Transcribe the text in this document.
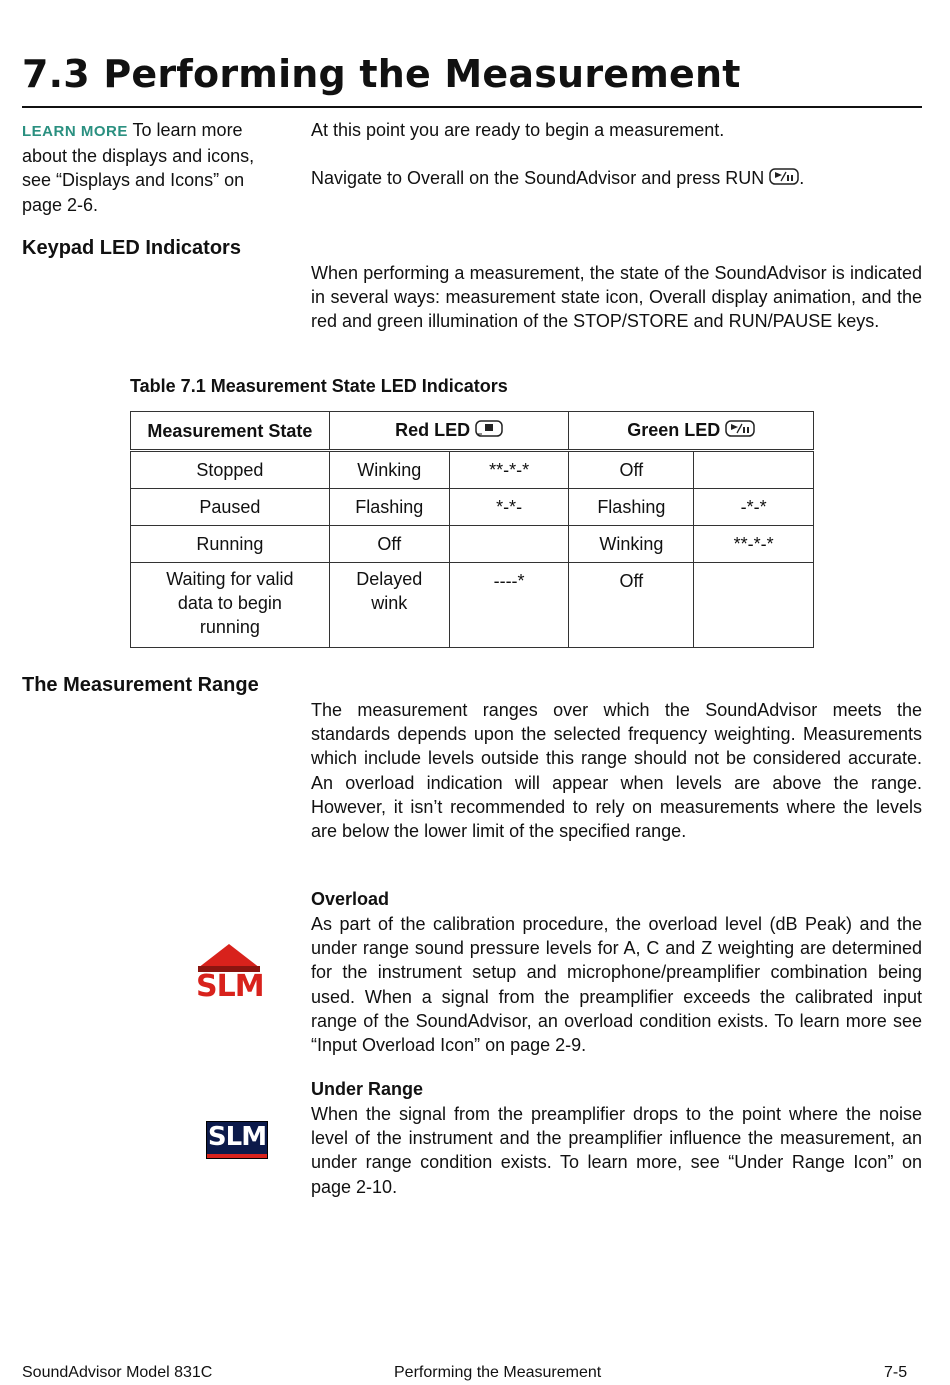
7.3 Performing the Measurement
LEARN MORE To learn more about the displays and icons, see “Displays and Icons” on page 2-6.
At this point you are ready to begin a measurement.
Navigate to Overall on the SoundAdvisor and press RUN .
Keypad LED Indicators
When performing a measurement, the state of the SoundAdvisor is indicated in several ways: measurement state icon, Overall display animation, and the red and green illumination of the STOP/STORE and RUN/PAUSE keys.
Table 7.1 Measurement State LED Indicators
Measurement State	Red LED		Green LED	
Stopped	Winking	**-*-*	Off	
Paused	Flashing	*-*-	Flashing	-*-*
Running	Off		Winking	**-*-*
Waiting for valid data to begin running	Delayed wink	----*	Off	
The Measurement Range
The measurement ranges over which the SoundAdvisor meets the standards depends upon the selected frequency weighting. Measurements which include levels outside this range should not be considered accurate. An overload indication will appear when levels are above the range. However, it isn’t recommended to rely on measurements where the levels are below the lower limit of the specified range.
Overload
As part of the calibration procedure, the overload level (dB Peak) and the under range sound pressure levels for A, C and Z weighting are determined for the instrument setup and microphone/preamplifier combination being used. When a signal from the preamplifier exceeds the calibrated input range of the SoundAdvisor, an overload condition exists. To learn more see “Input Overload Icon” on page 2-9.
SLM
Under Range
When the signal from the preamplifier drops to the point where the noise level of the instrument and the preamplifier influence the measurement, an under range condition exists. To learn more, see “Under Range Icon” on page 2-10.
SLM
SoundAdvisor Model 831C	Performing the Measurement	7-5
